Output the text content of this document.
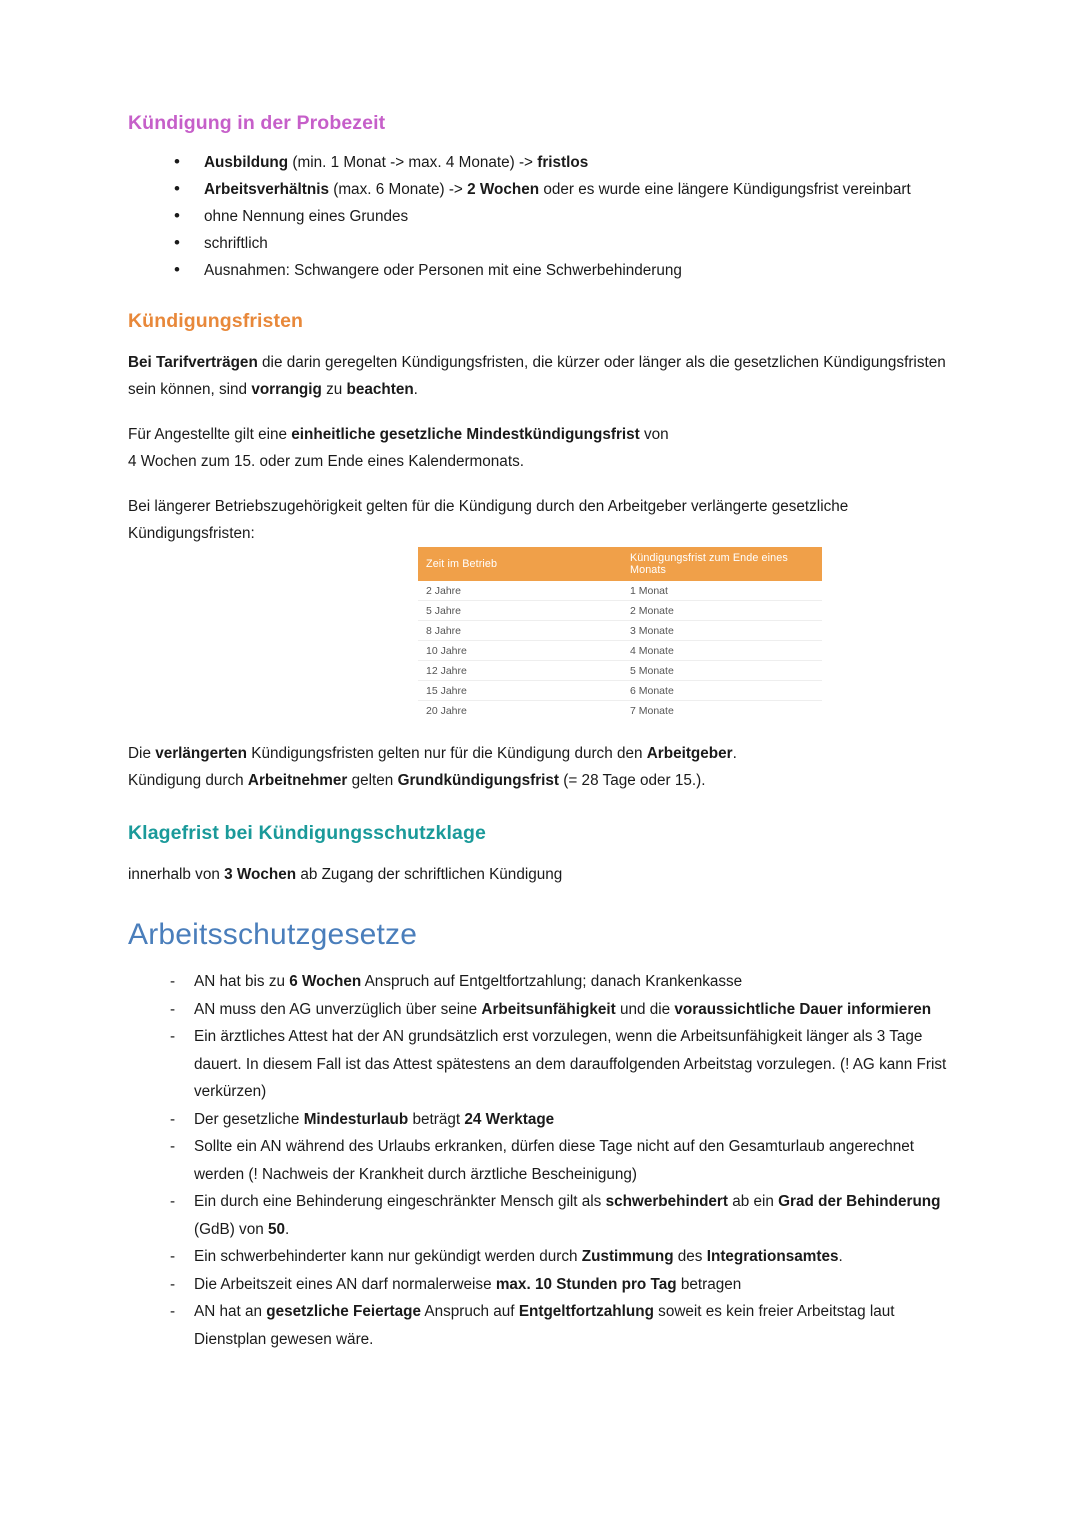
Kündigung in der Probezeit
• Ausbildung (min. 1 Monat -> max. 4 Monate) -> fristlos
• Arbeitsverhältnis (max. 6 Monate) -> 2 Wochen oder es wurde eine längere Kündigungsfrist vereinbart
• ohne Nennung eines Grundes
• schriftlich
• Ausnahmen: Schwangere oder Personen mit eine Schwerbehinderung
Kündigungsfristen

Bei Tarifverträgen die darin geregelten Kündigungsfristen, die kürzer oder länger als die gesetzlichen Kündigungsfristen sein können, sind vorrangig zu beachten.

Für Angestellte gilt eine einheitliche gesetzliche Mindestkündigungsfrist von
4 Wochen zum 15. oder zum Ende eines Kalendermonats.

Bei längerer Betriebszugehörigkeit gelten für die Kündigung durch den Arbeitgeber verlängerte gesetzliche Kündigungsfristen:

Zeit im Betrieb	Kündigungsfrist zum Ende eines Monats
2 Jahre	1 Monat
5 Jahre	2 Monate
8 Jahre	3 Monate
10 Jahre	4 Monate
12 Jahre	5 Monate
15 Jahre	6 Monate
20 Jahre	7 Monate

Die verlängerten Kündigungsfristen gelten nur für die Kündigung durch den Arbeitgeber.
Kündigung durch Arbeitnehmer gelten Grundkündigungsfrist (= 28 Tage oder 15.).

Klagefrist bei Kündigungsschutzklage

innerhalb von 3 Wochen ab Zugang der schriftlichen Kündigung

Arbeitsschutzgesetze
- AN hat bis zu 6 Wochen Anspruch auf Entgeltfortzahlung; danach Krankenkasse
- AN muss den AG unverzüglich über seine Arbeitsunfähigkeit und die voraussichtliche Dauer informieren
- Ein ärztliches Attest hat der AN grundsätzlich erst vorzulegen, wenn die Arbeitsunfähigkeit länger als 3 Tage dauert. In diesem Fall ist das Attest spätestens an dem darauffolgenden Arbeitstag vorzulegen. (! AG kann Frist verkürzen)
- Der gesetzliche Mindesturlaub beträgt 24 Werktage
- Sollte ein AN während des Urlaubs erkranken, dürfen diese Tage nicht auf den Gesamturlaub angerechnet werden (! Nachweis der Krankheit durch ärztliche Bescheinigung)
- Ein durch eine Behinderung eingeschränkter Mensch gilt als schwerbehindert ab ein Grad der Behinderung (GdB) von 50.
- Ein schwerbehinderter kann nur gekündigt werden durch Zustimmung des Integrationsamtes.
- Die Arbeitszeit eines AN darf normalerweise max. 10 Stunden pro Tag betragen
- AN hat an gesetzliche Feiertage Anspruch auf Entgeltfortzahlung soweit es kein freier Arbeitstag laut Dienstplan gewesen wäre.
